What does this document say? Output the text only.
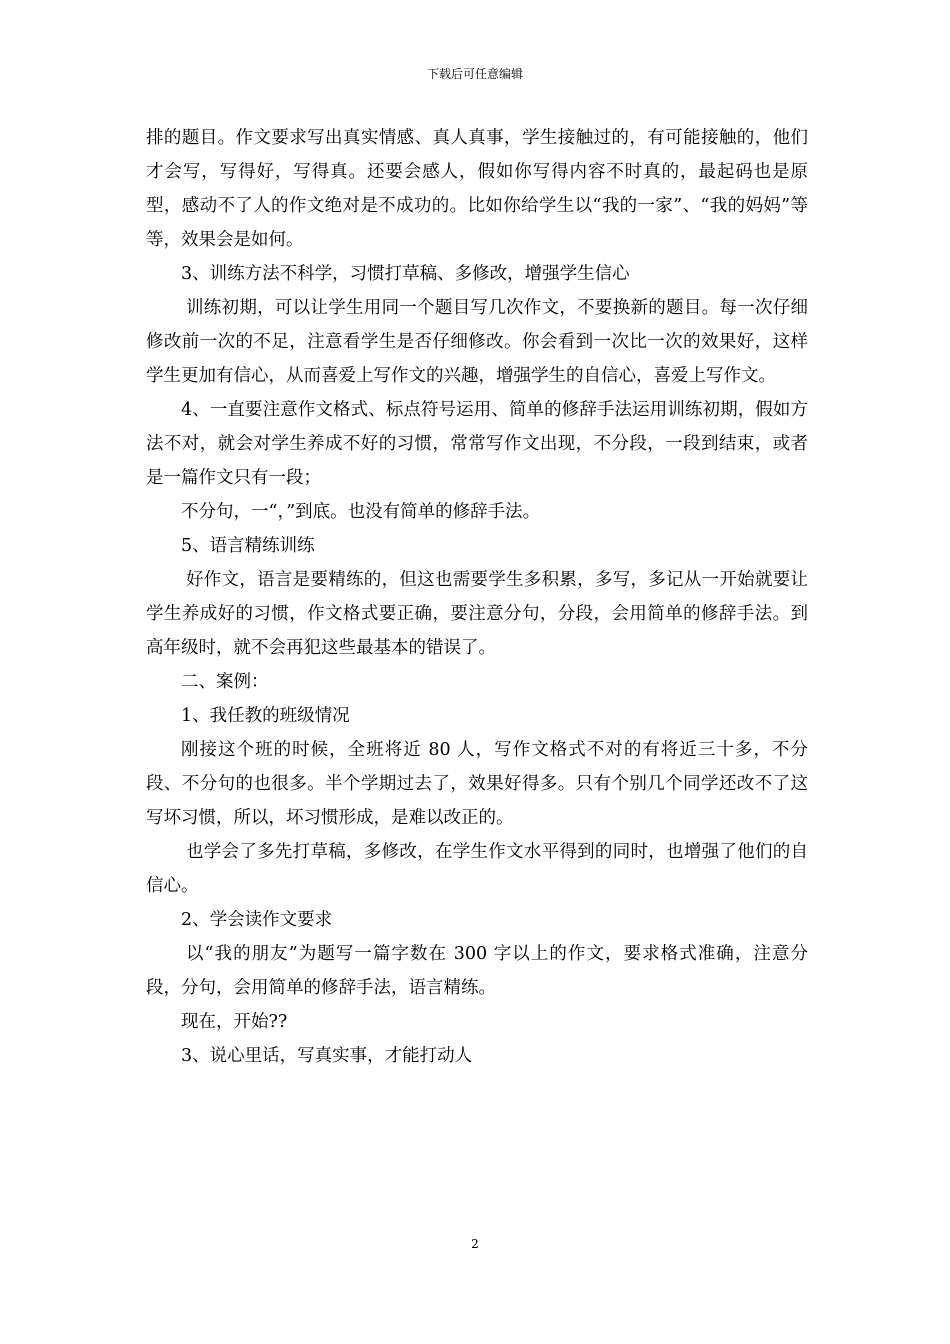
下载后可任意编辑

排的题目。作文要求写出真实情感、真人真事，学生接触过的，有可能接触的，他们才会写，写得好，写得真。还要会感人，假如你写得内容不时真的，最起码也是原型，感动不了人的作文绝对是不成功的。比如你给学生以“我的一家”、“我的妈妈”等等，效果会是如何。

3、训练方法不科学，习惯打草稿、多修改，增强学生信心

训练初期，可以让学生用同一个题目写几次作文，不要换新的题目。每一次仔细修改前一次的不足，注意看学生是否仔细修改。你会看到一次比一次的效果好，这样学生更加有信心，从而喜爱上写作文的兴趣，增强学生的自信心，喜爱上写作文。

4、一直要注意作文格式、标点符号运用、简单的修辞手法运用训练初期，假如方法不对，就会对学生养成不好的习惯，常常写作文出现，不分段，一段到结束，或者是一篇作文只有一段；

不分句，一“，”到底。也没有简单的修辞手法。

5、语言精练训练

好作文，语言是要精练的，但这也需要学生多积累，多写，多记从一开始就要让学生养成好的习惯，作文格式要正确，要注意分句，分段，会用简单的修辞手法。到高年级时，就不会再犯这些最基本的错误了。

二、案例：

1、我任教的班级情况

刚接这个班的时候，全班将近 80 人，写作文格式不对的有将近三十多，不分段、不分句的也很多。半个学期过去了，效果好得多。只有个别几个同学还改不了这写坏习惯，所以，坏习惯形成，是难以改正的。

也学会了多先打草稿，多修改，在学生作文水平得到的同时，也增强了他们的自信心。

2、学会读作文要求

以“我的朋友”为题写一篇字数在 300 字以上的作文，要求格式准确，注意分段，分句，会用简单的修辞手法，语言精练。

现在，开始??

3、说心里话，写真实事，才能打动人

2
